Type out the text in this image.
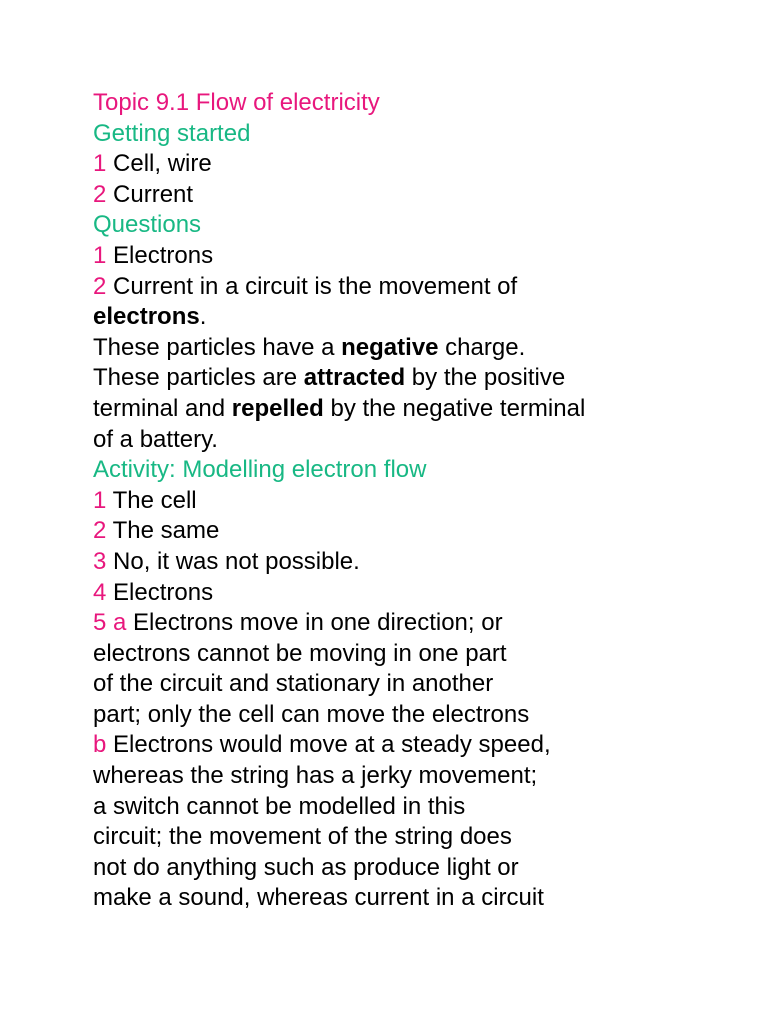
Topic 9.1 Flow of electricity
Getting started
1 Cell, wire
2 Current
Questions
1 Electrons
2 Current in a circuit is the movement of
electrons.
These particles have a negative charge.
These particles are attracted by the positive
terminal and repelled by the negative terminal
of a battery.
Activity: Modelling electron flow
1 The cell
2 The same
3 No, it was not possible.
4 Electrons
5 a Electrons move in one direction; or
electrons cannot be moving in one part
of the circuit and stationary in another
part; only the cell can move the electrons
b Electrons would move at a steady speed,
whereas the string has a jerky movement;
a switch cannot be modelled in this
circuit; the movement of the string does
not do anything such as produce light or
make a sound, whereas current in a circuit
